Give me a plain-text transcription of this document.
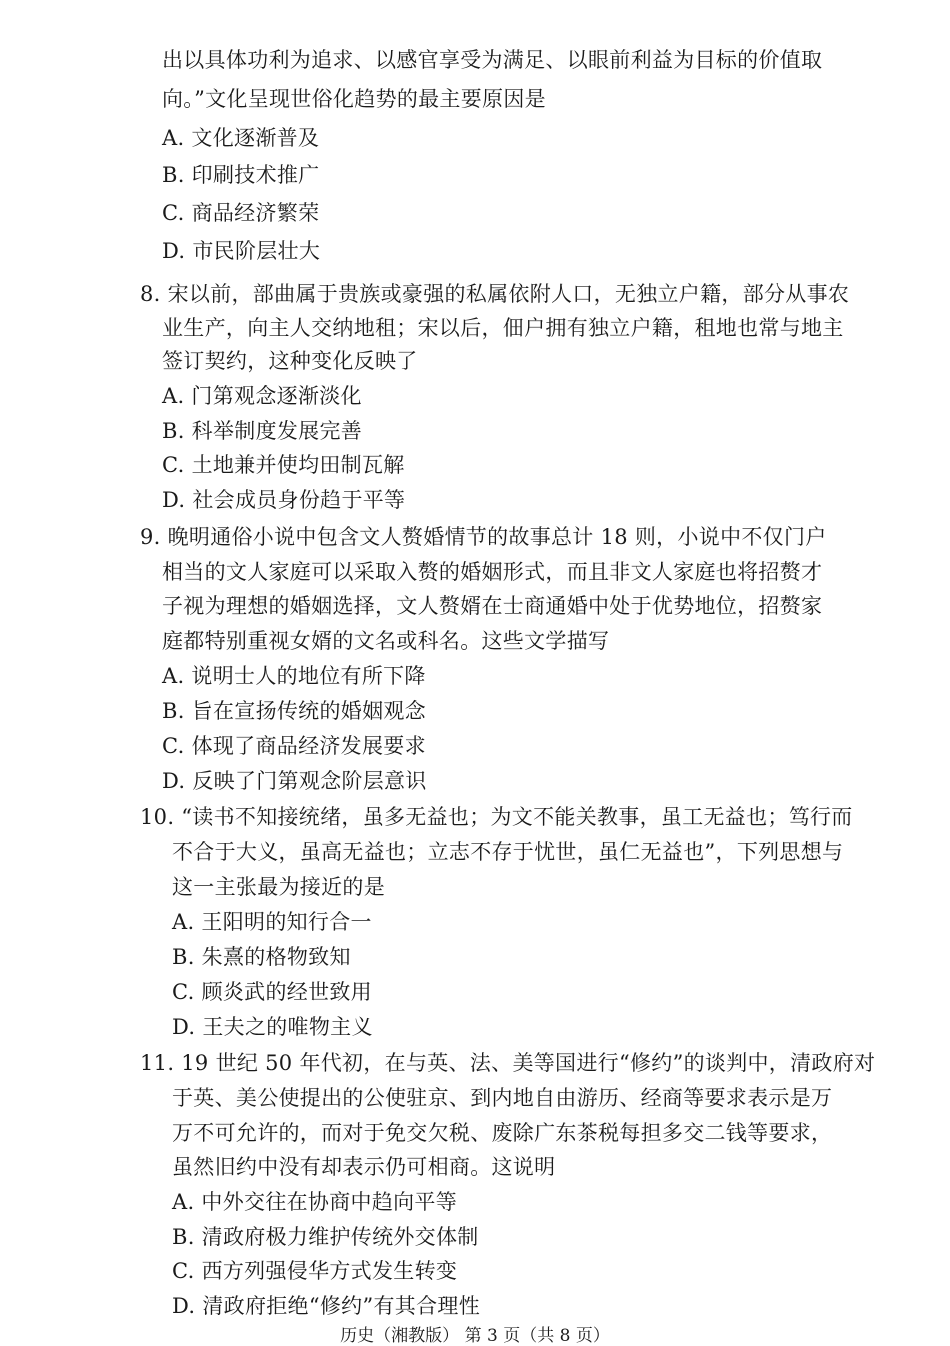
出以具体功利为追求、以感官享受为满足、以眼前利益为目标的价值取
向。”文化呈现世俗化趋势的最主要原因是
A. 文化逐渐普及
B. 印刷技术推广
C. 商品经济繁荣
D. 市民阶层壮大
8. 宋以前，部曲属于贵族或豪强的私属依附人口，无独立户籍，部分从事农
业生产，向主人交纳地租；宋以后，佃户拥有独立户籍，租地也常与地主
签订契约，这种变化反映了
A. 门第观念逐渐淡化
B. 科举制度发展完善
C. 土地兼并使均田制瓦解
D. 社会成员身份趋于平等
9. 晚明通俗小说中包含文人赘婚情节的故事总计 18 则，小说中不仅门户
相当的文人家庭可以采取入赘的婚姻形式，而且非文人家庭也将招赘才
子视为理想的婚姻选择，文人赘婿在士商通婚中处于优势地位，招赘家
庭都特别重视女婿的文名或科名。这些文学描写
A. 说明士人的地位有所下降
B. 旨在宣扬传统的婚姻观念
C. 体现了商品经济发展要求
D. 反映了门第观念阶层意识
10. “读书不知接统绪，虽多无益也；为文不能关教事，虽工无益也；笃行而
不合于大义，虽高无益也；立志不存于忧世，虽仁无益也”，下列思想与
这一主张最为接近的是
A. 王阳明的知行合一
B. 朱熹的格物致知
C. 顾炎武的经世致用
D. 王夫之的唯物主义
11. 19 世纪 50 年代初，在与英、法、美等国进行“修约”的谈判中，清政府对
于英、美公使提出的公使驻京、到内地自由游历、经商等要求表示是万
万不可允许的，而对于免交欠税、废除广东茶税每担多交二钱等要求，
虽然旧约中没有却表示仍可相商。这说明
A. 中外交往在协商中趋向平等
B. 清政府极力维护传统外交体制
C. 西方列强侵华方式发生转变
D. 清政府拒绝“修约”有其合理性
历史（湘教版） 第 3 页（共 8 页）
